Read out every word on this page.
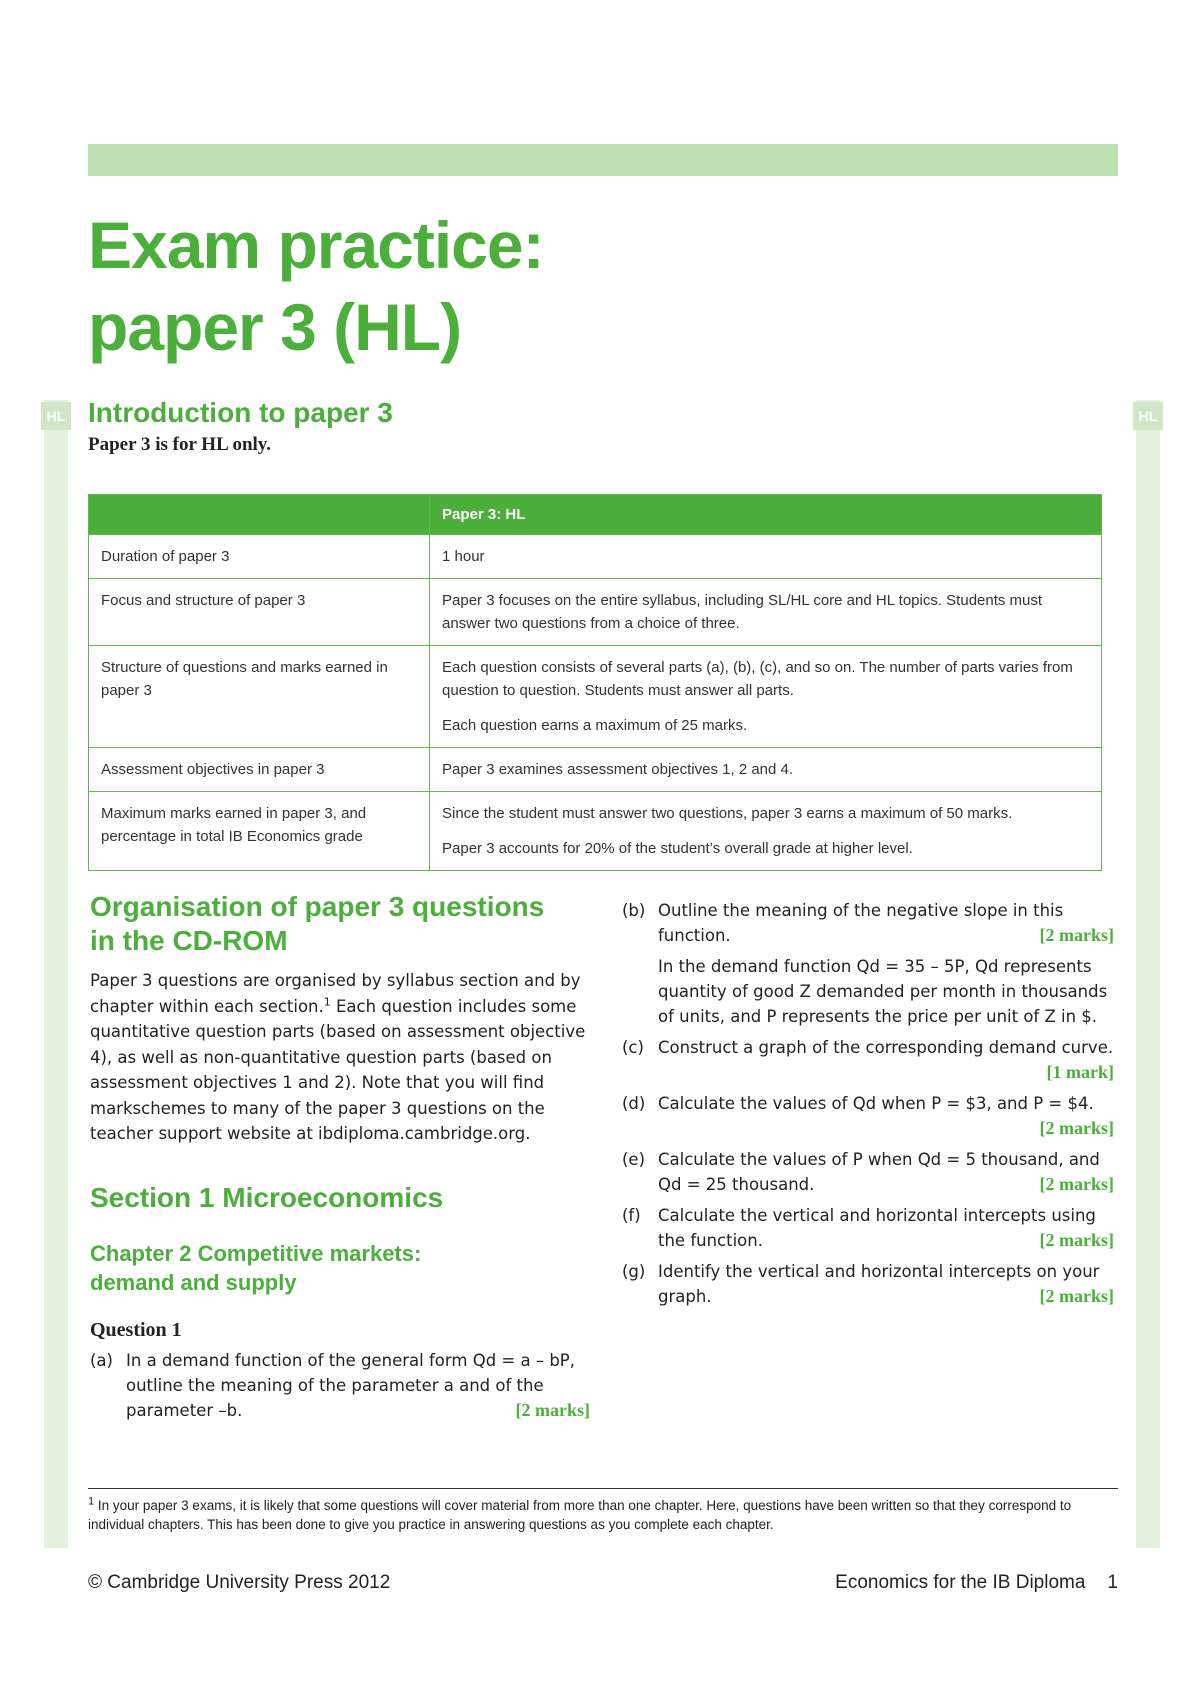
Exam practice:
paper 3 (HL)
HL	HL
Introduction to paper 3
Paper 3 is for HL only.
	Paper 3: HL
Duration of paper 3	1 hour

Focus and structure of paper 3	Paper 3 focuses on the entire syllabus, including SL/HL core and HL topics. Students must answer two questions from a choice of three.

Structure of questions and marks earned in paper 3	Each question consists of several parts (a), (b), (c), and so on. The number of parts varies from question to question. Students must answer all parts.

Each question earns a maximum of 25 marks.

Assessment objectives in paper 3	Paper 3 examines assessment objectives 1, 2 and 4.

Maximum marks earned in paper 3, and percentage in total IB Economics grade	Since the student must answer two questions, paper 3 earns a maximum of 50 marks.

Paper 3 accounts for 20% of the student’s overall grade at higher level.

Organisation of paper 3 questions
in the CD-ROM

Paper 3 questions are organised by syllabus section and by chapter within each section.$^1$ Each question includes some quantitative question parts (based on assessment objective 4), as well as non-quantitative question parts (based on assessment objectives 1 and 2). Note that you will find markschemes to many of the paper 3 questions on the teacher support website at ibdiploma.cambridge.org.

Section 1 Microeconomics
Chapter 2 Competitive markets:
demand and supply
Question 1
(a) In a demand function of the general form Qd = a – bP, outline the meaning of the parameter a and of the parameter –b.	[2 marks]
(b) Outline the meaning of the negative slope in this function.	[2 marks]
In the demand function Qd = 35 – 5P, Qd represents quantity of good Z demanded per month in thousands of units, and P represents the price per unit of Z in $.
(c) Construct a graph of the corresponding demand curve.
[1 mark]
(d) Calculate the values of Qd when P = $3, and P = $4.
[2 marks]
(e) Calculate the values of P when Qd = 5 thousand, and Qd = 25 thousand.	[2 marks]
(f)	Calculate the vertical and horizontal intercepts using the function.	[2 marks]
(g) Identify the vertical and horizontal intercepts on your graph.	[2 marks]

$^1$ In your paper 3 exams, it is likely that some questions will cover material from more than one chapter. Here, questions have been written so that they correspond to individual chapters. This has been done to give you practice in answering questions as you complete each chapter.

© Cambridge University Press 2012	Economics for the IB Diploma 1
